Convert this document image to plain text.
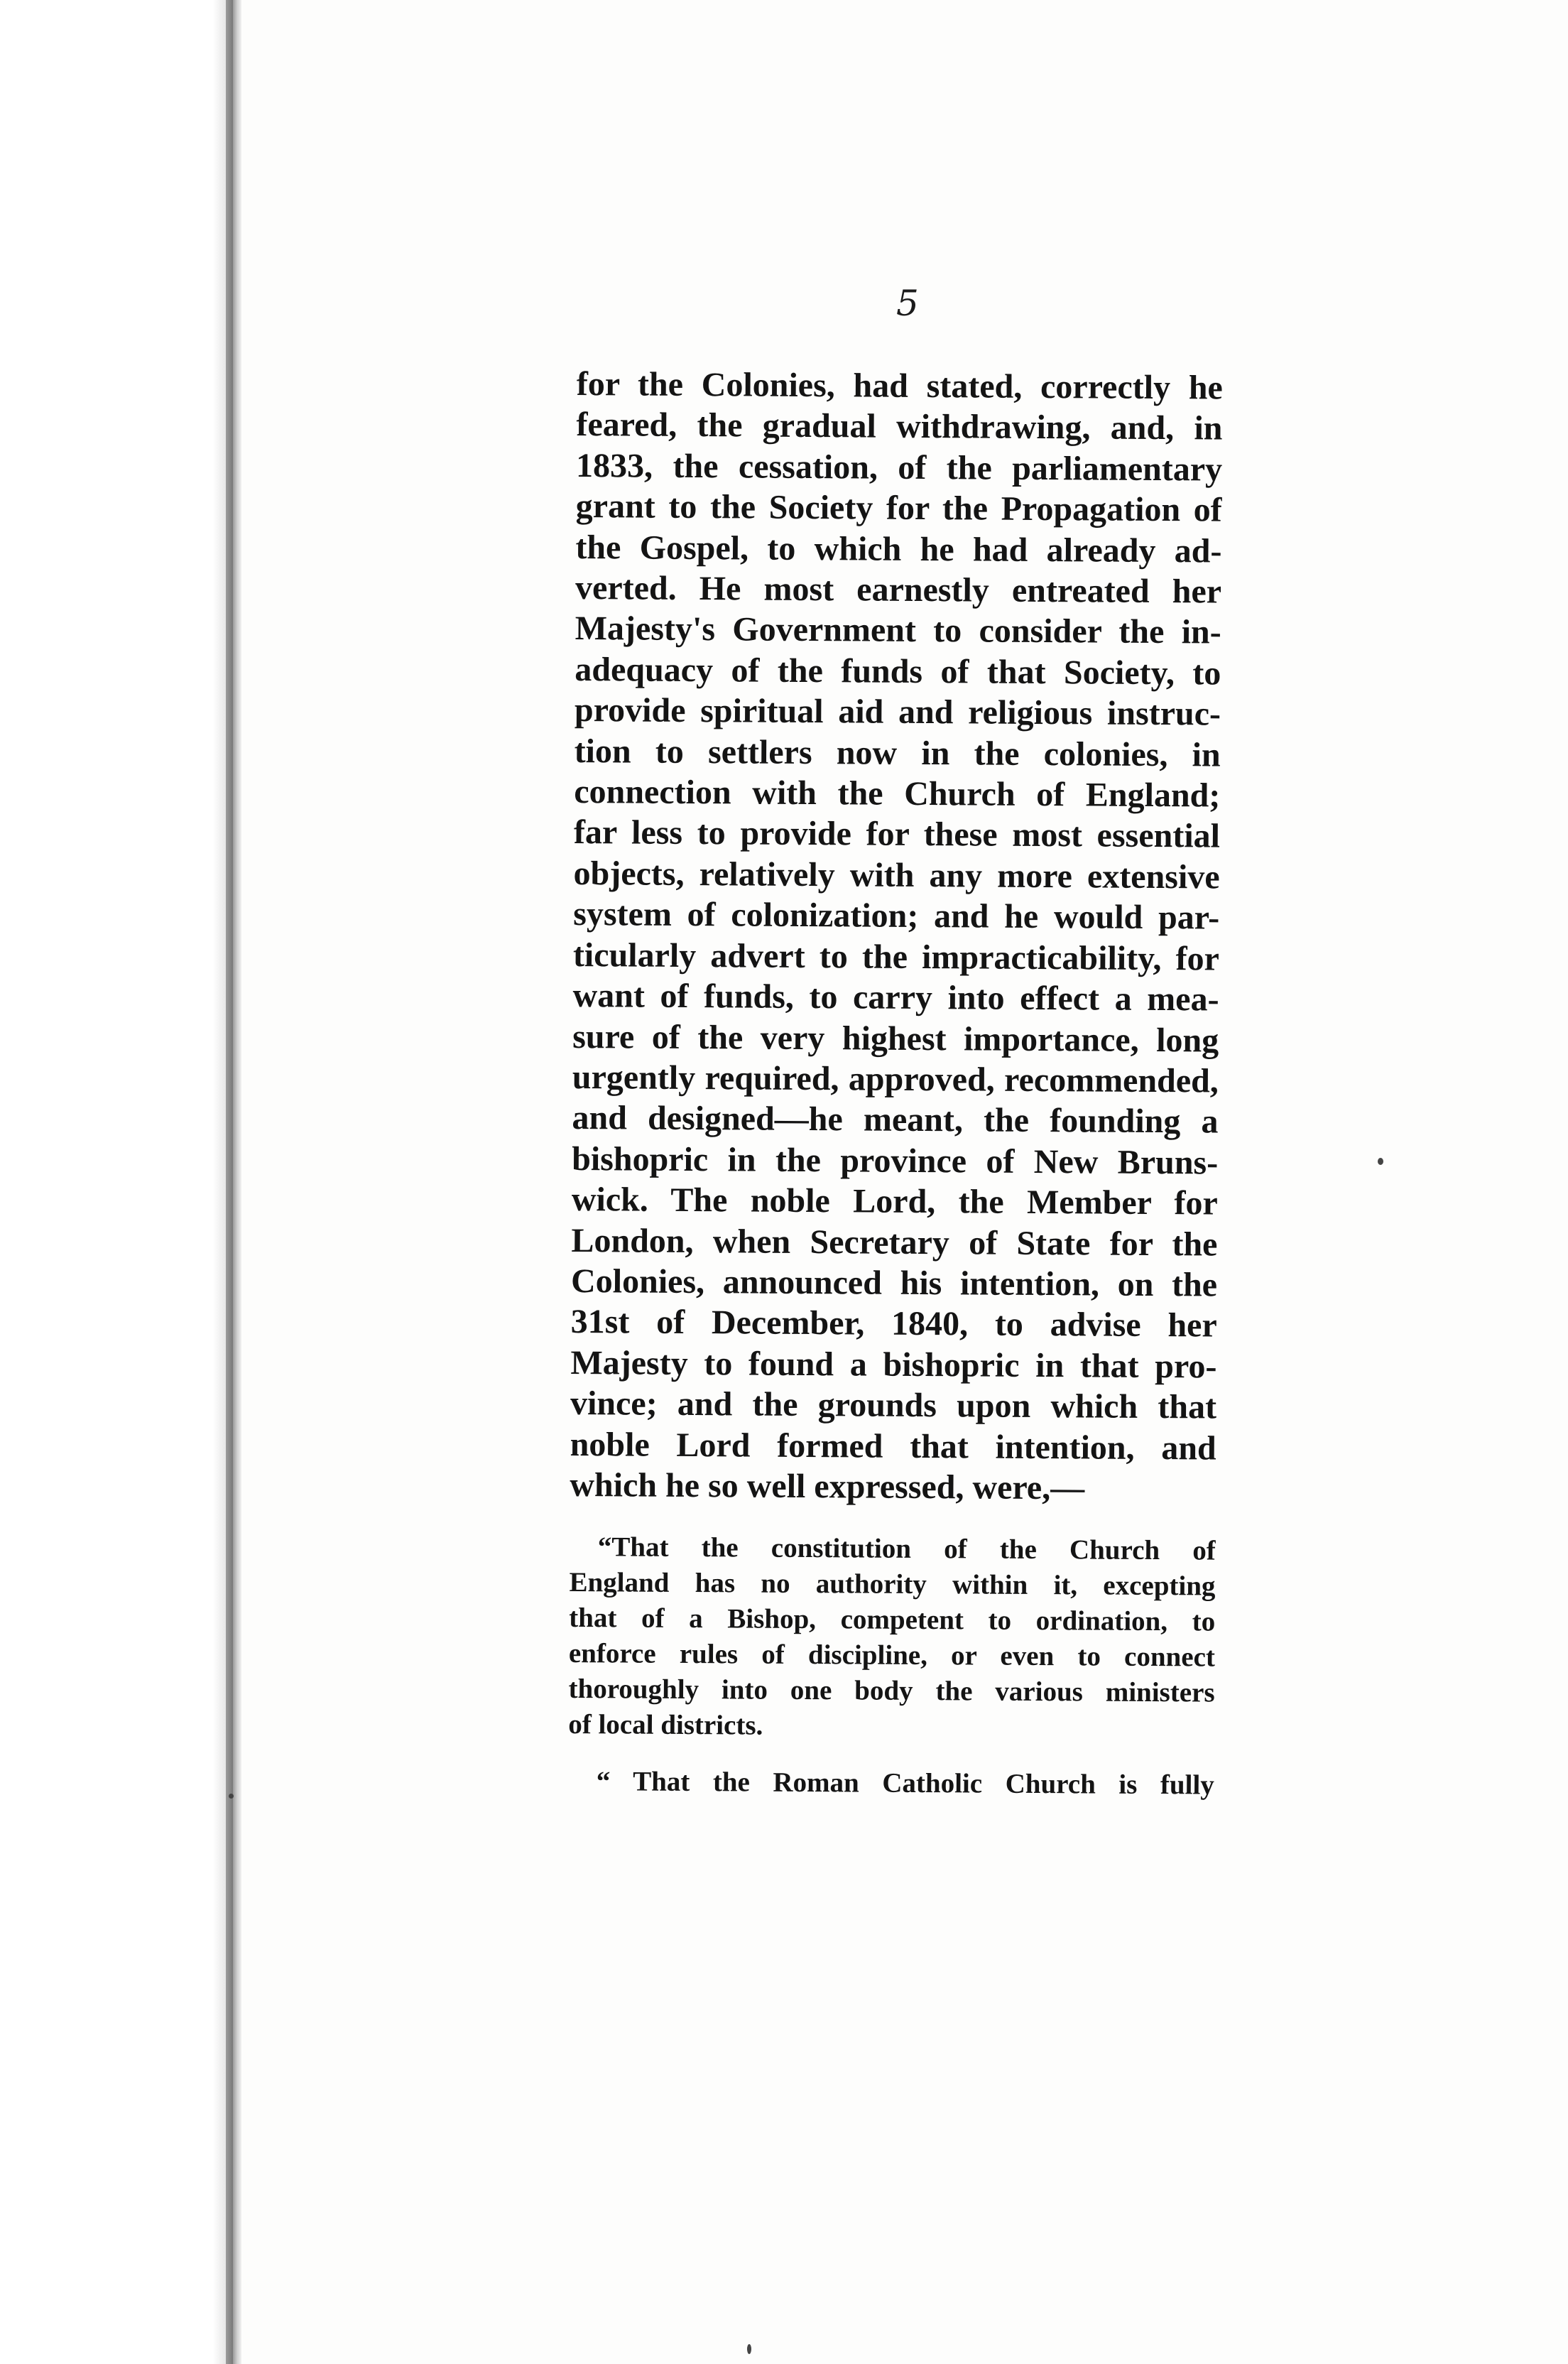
5
for the Colonies, had stated, correctly he
feared, the gradual withdrawing, and, in
1833, the cessation, of the parliamentary
grant to the Society for the Propagation of
the Gospel, to which he had already ad-
verted. He most earnestly entreated her
Majesty's Government to consider the in-
adequacy of the funds of that Society, to
provide spiritual aid and religious instruc-
tion to settlers now in the colonies, in
connection with the Church of England;
far less to provide for these most essential
objects, relatively with any more extensive
system of colonization; and he would par-
ticularly advert to the impracticability, for
want of funds, to carry into effect a mea-
sure of the very highest importance, long
urgently required, approved, recommended,
and designed—he meant, the founding a
bishopric in the province of New Bruns-
wick. The noble Lord, the Member for
London, when Secretary of State for the
Colonies, announced his intention, on the
31st of December, 1840, to advise her
Majesty to found a bishopric in that pro-
vince; and the grounds upon which that
noble Lord formed that intention, and
which he so well expressed, were,—
“That the constitution of the Church of
England has no authority within it, excepting
that of a Bishop, competent to ordination, to
enforce rules of discipline, or even to connect
thoroughly into one body the various ministers
of local districts.
“ That the Roman Catholic Church is fully
